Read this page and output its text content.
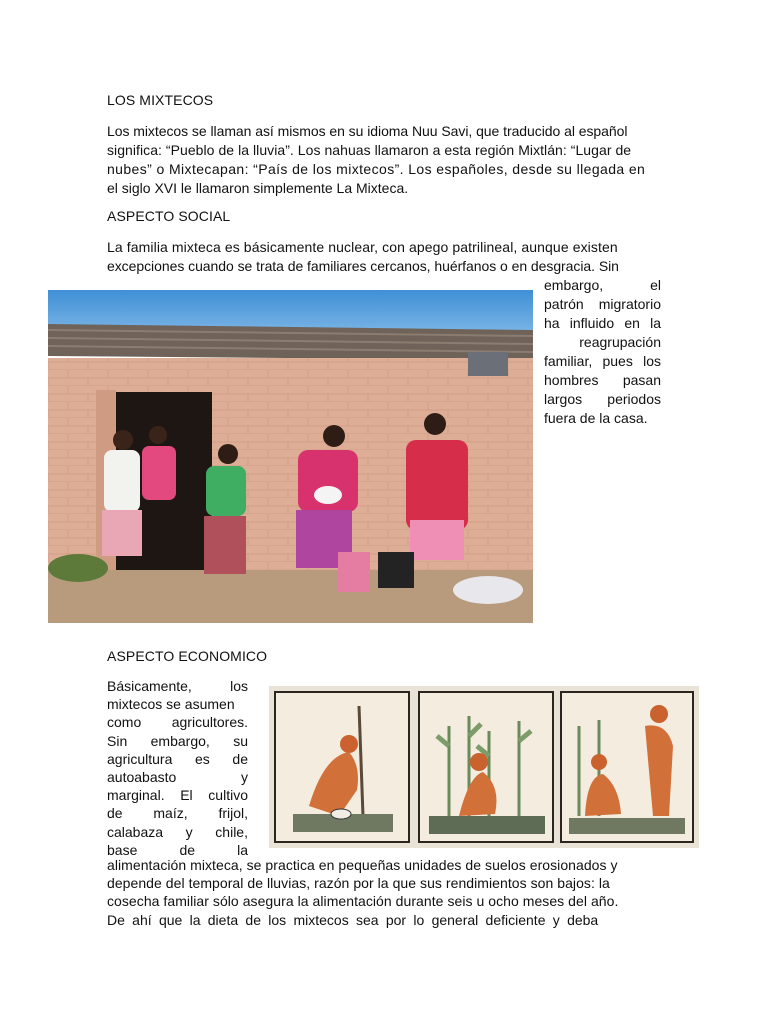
LOS MIXTECOS
Los mixtecos se llaman así mismos en su idioma Nuu Savi, que traducido al español
significa: “Pueblo de la lluvia”. Los nahuas llamaron a esta región Mixtlán: “Lugar de
nubes” o Mixtecapan: “País de los mixtecos”. Los españoles, desde su llegada en
el siglo XVI le llamaron simplemente La Mixteca.
ASPECTO SOCIAL
La familia mixteca es básicamente nuclear, con apego patrilineal, aunque existen
excepciones cuando se trata de familiares cercanos, huérfanos o en desgracia. Sin
embargo,	el
patrón migratorio
ha influido en la
reagrupación
familiar, pues los
hombres pasan
largos periodos
fuera de la casa.
ASPECTO ECONOMICO
Básicamente,	los
mixtecos se asumen
como agricultores.
Sin embargo, su
agricultura es de
autoabasto	y
marginal. El cultivo
de maíz, frijol,
calabaza y chile,
base	de	la
alimentación mixteca, se practica en pequeñas unidades de suelos erosionados y
depende del temporal de lluvias, razón por la que sus rendimientos son bajos: la
cosecha familiar sólo asegura la alimentación durante seis u ocho meses del año.
De ahí que la dieta de los mixtecos sea por lo general deficiente y deba
